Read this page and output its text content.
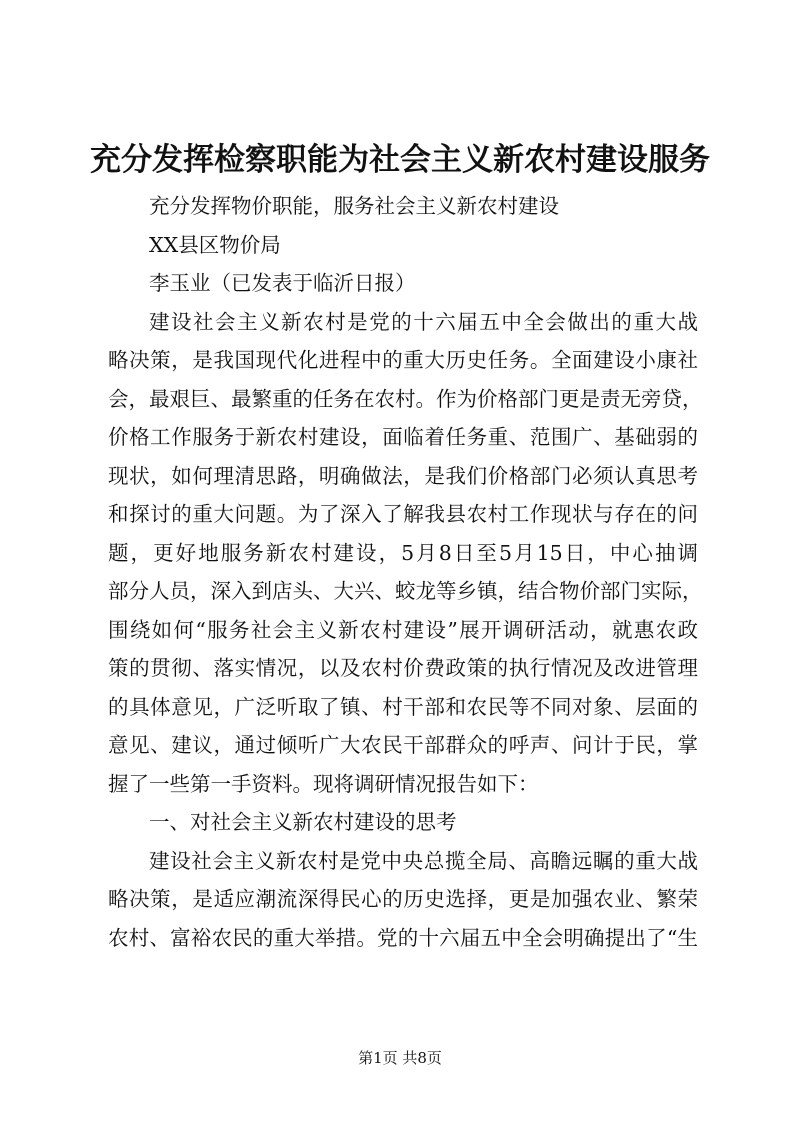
充分发挥检察职能为社会主义新农村建设服务
充分发挥物价职能，服务社会主义新农村建设
XX县区物价局
李玉业（已发表于临沂日报）
建设社会主义新农村是党的十六届五中全会做出的重大战
略决策，是我国现代化进程中的重大历史任务。全面建设小康社
会，最艰巨、最繁重的任务在农村。作为价格部门更是责无旁贷，
价格工作服务于新农村建设，面临着任务重、范围广、基础弱的
现状，如何理清思路，明确做法，是我们价格部门必须认真思考
和探讨的重大问题。为了深入了解我县农村工作现状与存在的问
题，更好地服务新农村建设，5月8日至5月15日，中心抽调
部分人员，深入到店头、大兴、蛟龙等乡镇，结合物价部门实际，
围绕如何“服务社会主义新农村建设”展开调研活动，就惠农政
策的贯彻、落实情况，以及农村价费政策的执行情况及改进管理
的具体意见，广泛听取了镇、村干部和农民等不同对象、层面的
意见、建议，通过倾听广大农民干部群众的呼声、问计于民，掌
握了一些第一手资料。现将调研情况报告如下：
一、对社会主义新农村建设的思考
建设社会主义新农村是党中央总揽全局、高瞻远瞩的重大战
略决策，是适应潮流深得民心的历史选择，更是加强农业、繁荣
农村、富裕农民的重大举措。党的十六届五中全会明确提出了“生
第1页 共8页
